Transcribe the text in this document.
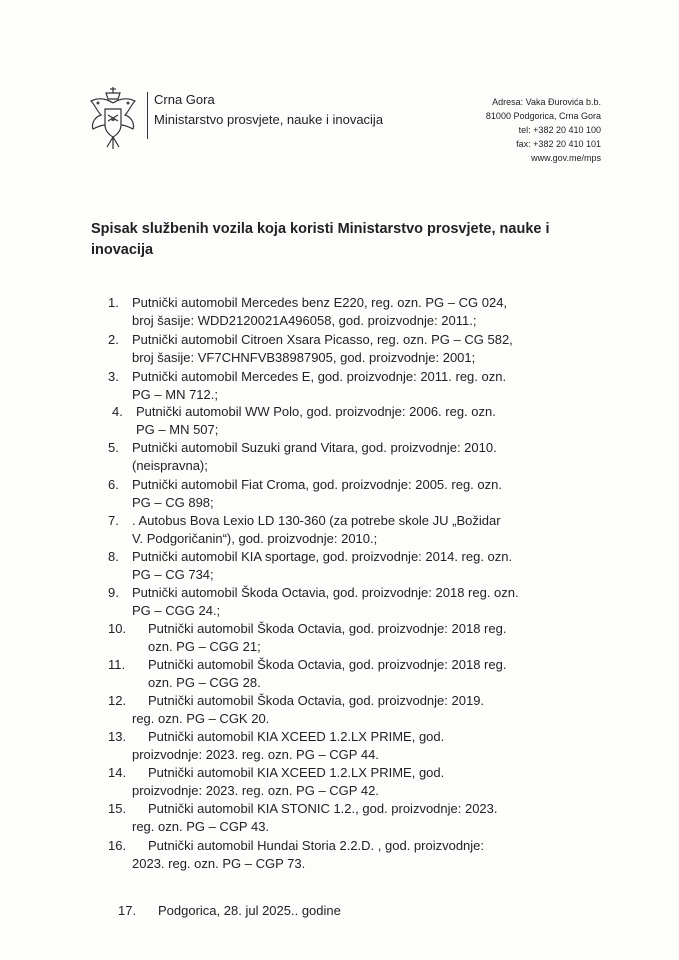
Crna Gora
Ministarstvo prosvjete, nauke i inovacija
Adresa: Vaka Đurovića b.b.
81000 Podgorica, Crna Gora
tel: +382 20 410 100
fax: +382 20 410 101
www.gov.me/mps
Spisak službenih vozila koja koristi Ministarstvo prosvjete, nauke i inovacija
1. Putnički automobil Mercedes benz E220, reg. ozn. PG – CG 024,
broj šasije: WDD2120021A496058, god. proizvodnje: 2011.;
2. Putnički automobil Citroen Xsara Picasso, reg. ozn. PG – CG 582,
broj šasije: VF7CHNFVB38987905, god. proizvodnje: 2001;
3. Putnički automobil Mercedes E, god. proizvodnje: 2011. reg. ozn.
PG – MN 712.;
4. Putnički automobil WW Polo, god. proizvodnje: 2006. reg. ozn.
PG – MN 507;
5. Putnički automobil Suzuki grand Vitara, god. proizvodnje: 2010.
(neispravna);
6. Putnički automobil Fiat Croma, god. proizvodnje: 2005. reg. ozn.
PG – CG 898;
7. . Autobus Bova Lexio LD 130-360 (za potrebe skole JU „Božidar
V. Podgoričanin“), god. proizvodnje: 2010.;
8. Putnički automobil KIA sportage, god. proizvodnje: 2014. reg. ozn.
PG – CG 734;
9. Putnički automobil Škoda Octavia, god. proizvodnje: 2018 reg. ozn.
PG – CGG 24.;
10. Putnički automobil Škoda Octavia, god. proizvodnje: 2018 reg.
ozn. PG – CGG 21;
11. Putnički automobil Škoda Octavia, god. proizvodnje: 2018 reg.
ozn. PG – CGG 28.
12. Putnički automobil Škoda Octavia, god. proizvodnje: 2019.
reg. ozn. PG – CGK 20.
13. Putnički automobil KIA XCEED 1.2.LX PRIME, god.
proizvodnje: 2023. reg. ozn. PG – CGP 44.
14. Putnički automobil KIA XCEED 1.2.LX PRIME, god.
proizvodnje: 2023. reg. ozn. PG – CGP 42.
15. Putnički automobil KIA STONIC 1.2., god. proizvodnje: 2023.
reg. ozn. PG – CGP 43.
16. Putnički automobil Hundai Storia 2.2.D. , god. proizvodnje:
2023. reg. ozn. PG – CGP 73.
17. Podgorica, 28. jul 2025.. godine
